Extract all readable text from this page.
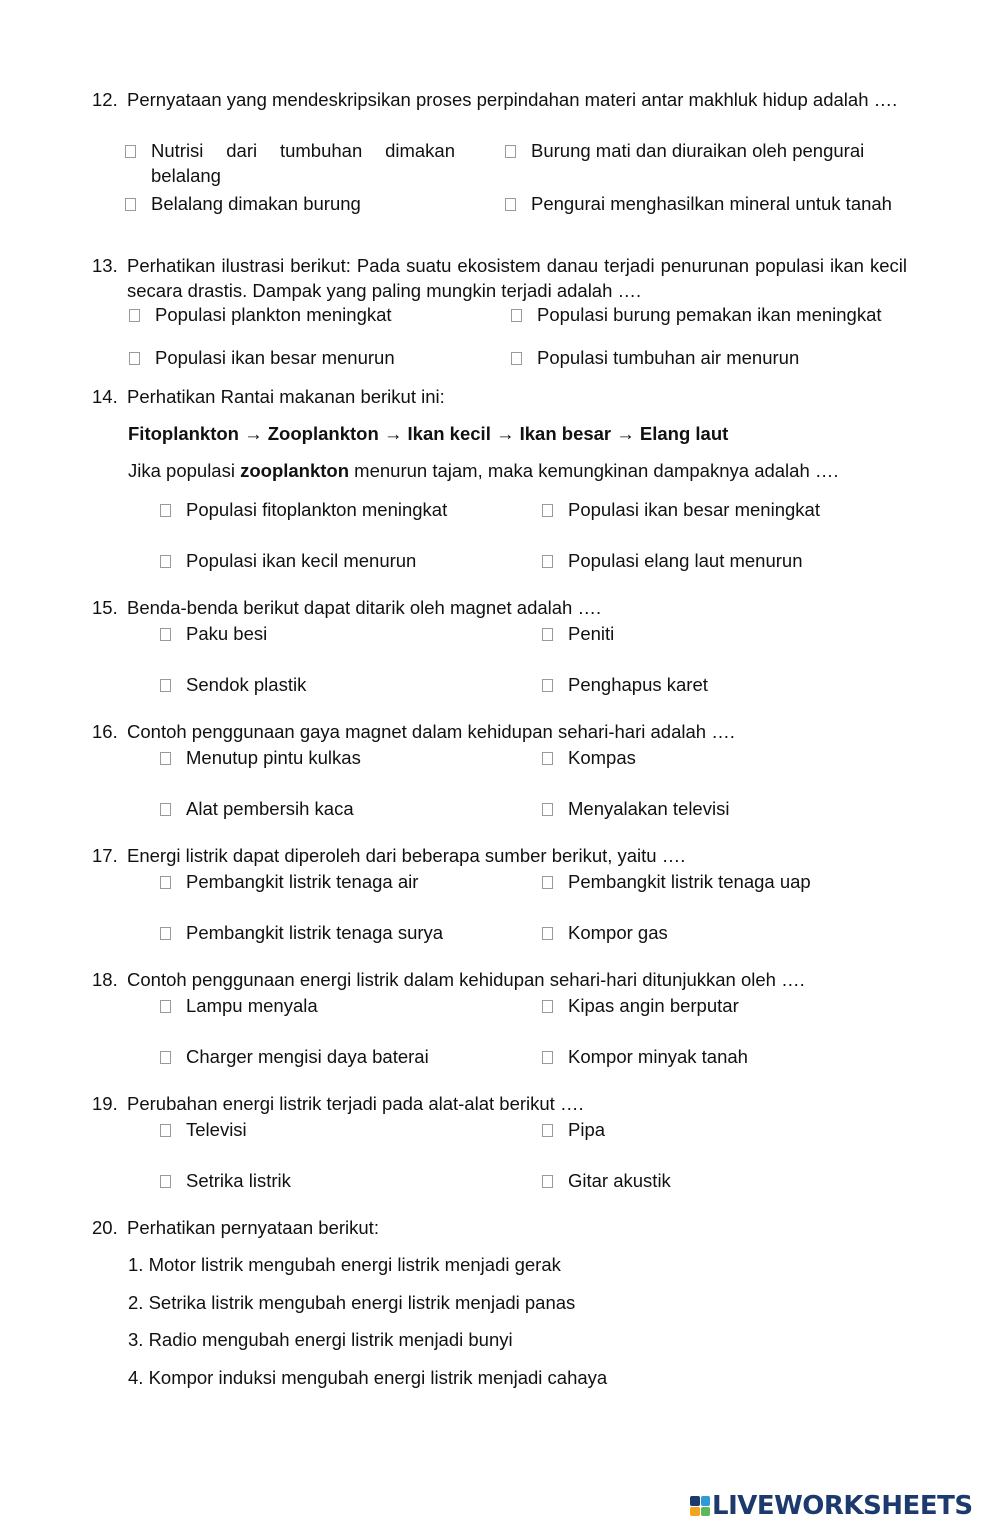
12. Pernyataan yang mendeskripsikan proses perpindahan materi antar makhluk hidup adalah ….
Nutrisi dari tumbuhan dimakan belalang
Burung mati dan diuraikan oleh pengurai
Belalang dimakan burung	Pengurai menghasilkan mineral untuk tanah
13. Perhatikan ilustrasi berikut: Pada suatu ekosistem danau terjadi penurunan populasi ikan kecil secara drastis. Dampak yang paling mungkin terjadi adalah ….
Populasi plankton meningkat	Populasi burung pemakan ikan meningkat
Populasi ikan besar menurun	Populasi tumbuhan air menurun
14. Perhatikan Rantai makanan berikut ini:
Fitoplankton → Zooplankton → Ikan kecil → Ikan besar → Elang laut
Jika populasi zooplankton menurun tajam, maka kemungkinan dampaknya adalah ….
Populasi fitoplankton meningkat	Populasi ikan besar meningkat
Populasi ikan kecil menurun	Populasi elang laut menurun
15. Benda-benda berikut dapat ditarik oleh magnet adalah ….
Paku besi	Peniti
Sendok plastik	Penghapus karet
16. Contoh penggunaan gaya magnet dalam kehidupan sehari-hari adalah ….
Menutup pintu kulkas	Kompas
Alat pembersih kaca	Menyalakan televisi
17. Energi listrik dapat diperoleh dari beberapa sumber berikut, yaitu ….
Pembangkit listrik tenaga air	Pembangkit listrik tenaga uap
Pembangkit listrik tenaga surya	Kompor gas
18. Contoh penggunaan energi listrik dalam kehidupan sehari-hari ditunjukkan oleh ….
Lampu menyala	Kipas angin berputar
Charger mengisi daya baterai	Kompor minyak tanah
19. Perubahan energi listrik terjadi pada alat-alat berikut ….
Televisi	Pipa
Setrika listrik	Gitar akustik
20. Perhatikan pernyataan berikut:
1. Motor listrik mengubah energi listrik menjadi gerak
2. Setrika listrik mengubah energi listrik menjadi panas
3. Radio mengubah energi listrik menjadi bunyi
4. Kompor induksi mengubah energi listrik menjadi cahaya
LIVEWORKSHEETS
